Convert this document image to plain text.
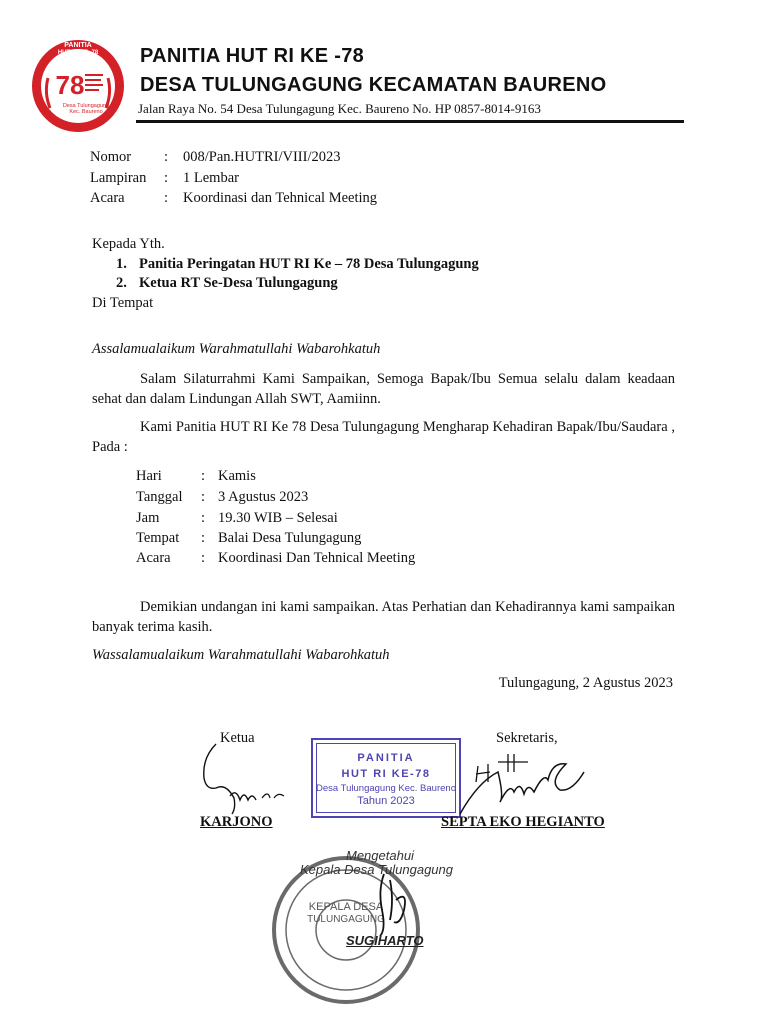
PANITIA
HUT RI KE -78
78
Desa Tulungagung
Kec. Baureno
PANITIA HUT RI KE -78
DESA TULUNGAGUNG KECAMATAN BAURENO
Jalan Raya No. 54 Desa Tulungagung Kec. Baureno No. HP 0857-8014-9163
Nomor : 008/Pan.HUTRI/VIII/2023
Lampiran : 1 Lembar
Acara	: Koordinasi dan Tehnical Meeting
Kepada Yth.
1. Panitia Peringatan HUT RI Ke – 78 Desa Tulungagung
2. Ketua RT Se-Desa Tulungagung
Di Tempat
Assalamualaikum Warahmatullahi Wabarohkatuh
Salam Silaturrahmi Kami Sampaikan, Semoga Bapak/Ibu Semua selalu dalam keadaan sehat dan dalam Lindungan Allah SWT, Aamiinn.
Kami Panitia HUT RI Ke 78 Desa Tulungagung Mengharap Kehadiran Bapak/Ibu/Saudara , Pada :
Hari	: Kamis
Tanggal : 3 Agustus 2023
Jam	: 19.30 WIB – Selesai
Tempat : Balai Desa Tulungagung
Acara : Koordinasi Dan Tehnical Meeting
Demikian undangan ini kami sampaikan. Atas Perhatian dan Kehadirannya kami sampaikan banyak terima kasih.
Wassalamualaikum Warahmatullahi Wabarohkatuh
Tulungagung, 2 Agustus 2023
Ketua	Sekretaris,
PANITIA
HUT RI KE-78
Desa Tulungagung Kec. Baureno
Tahun 2023
KARJONO	SEPTA EKO HEGIANTO
KEPALA DESA
TULUNGAGUNG
Mengetahui
Kepala Desa Tulungagung
SUGIHARTO
